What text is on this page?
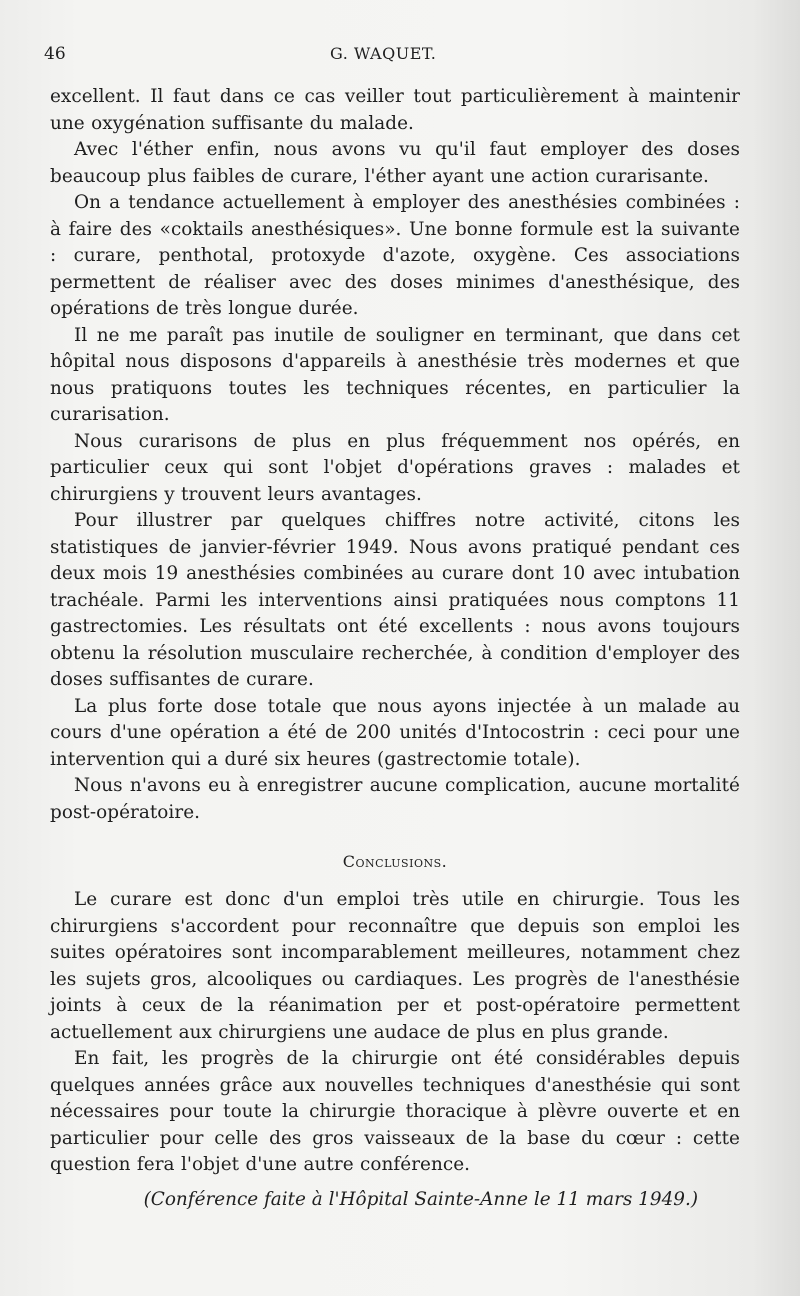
46	G. WAQUET.

excellent. Il faut dans ce cas veiller tout particulièrement à maintenir une oxygénation suffisante du malade.

Avec l'éther enfin, nous avons vu qu'il faut employer des doses beaucoup plus faibles de curare, l'éther ayant une action curarisante.

On a tendance actuellement à employer des anesthésies combinées : à faire des «coktails anesthésiques». Une bonne formule est la suivante : curare, penthotal, protoxyde d'azote, oxygène. Ces associations permettent de réaliser avec des doses minimes d'anesthésique, des opérations de très longue durée.

Il ne me paraît pas inutile de souligner en terminant, que dans cet hôpital nous disposons d'appareils à anesthésie très modernes et que nous pratiquons toutes les techniques récentes, en particulier la curarisation.

Nous curarisons de plus en plus fréquemment nos opérés, en particulier ceux qui sont l'objet d'opérations graves : malades et chirurgiens y trouvent leurs avantages.

Pour illustrer par quelques chiffres notre activité, citons les statistiques de janvier-février 1949. Nous avons pratiqué pendant ces deux mois 19 anesthésies combinées au curare dont 10 avec intubation trachéale. Parmi les interventions ainsi pratiquées nous comptons 11 gastrectomies. Les résultats ont été excellents : nous avons toujours obtenu la résolution musculaire recherchée, à condition d'employer des doses suffisantes de curare.

La plus forte dose totale que nous ayons injectée à un malade au cours d'une opération a été de 200 unités d'Intocostrin : ceci pour une intervention qui a duré six heures (gastrectomie totale).

Nous n'avons eu à enregistrer aucune complication, aucune mortalité post-opératoire.

Conclusions.

Le curare est donc d'un emploi très utile en chirurgie. Tous les chirurgiens s'accordent pour reconnaître que depuis son emploi les suites opératoires sont incomparablement meilleures, notamment chez les sujets gros, alcooliques ou cardiaques. Les progrès de l'anesthésie joints à ceux de la réanimation per et post-opératoire permettent actuellement aux chirurgiens une audace de plus en plus grande.

En fait, les progrès de la chirurgie ont été considérables depuis quelques années grâce aux nouvelles techniques d'anesthésie qui sont nécessaires pour toute la chirurgie thoracique à plèvre ouverte et en particulier pour celle des gros vaisseaux de la base du cœur : cette question fera l'objet d'une autre conférence.

(Conférence faite à l'Hôpital Sainte-Anne le 11 mars 1949.)
